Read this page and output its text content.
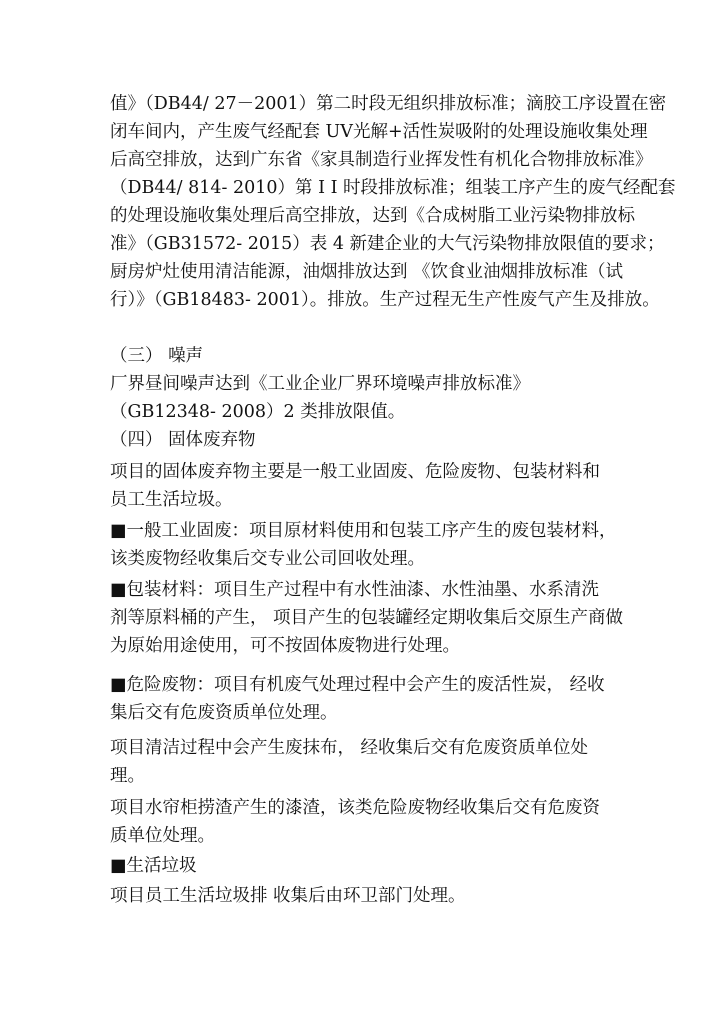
值》（DB44/ 27－2001）第二时段无组织排放标准；滴胶工序设置在密
闭车间内，产生废气经配套 UV光解+活性炭吸附的处理设施收集处理
后高空排放，达到广东省《家具制造行业挥发性有机化合物排放标准》
（DB44/ 814- 2010）第 I I 时段排放标准；组装工序产生的废气经配套
的处理设施收集处理后高空排放，达到《合成树脂工业污染物排放标
准》（GB31572- 2015）表 4 新建企业的大气污染物排放限值的要求；
厨房炉灶使用清洁能源，油烟排放达到 《饮食业油烟排放标准（试
行）》（GB18483- 2001）。排放。生产过程无生产性废气产生及排放。
（三） 噪声
厂界昼间噪声达到《工业企业厂界环境噪声排放标准》
（GB12348- 2008）2 类排放限值。
（四） 固体废弃物
项目的固体废弃物主要是一般工业固废、危险废物、包装材料和
员工生活垃圾。
■一般工业固废：项目原材料使用和包装工序产生的废包装材料，
该类废物经收集后交专业公司回收处理。
■包装材料：项目生产过程中有水性油漆、水性油墨、水系清洗
剂等原料桶的产生， 项目产生的包装罐经定期收集后交原生产商做
为原始用途使用，可不按固体废物进行处理。
■危险废物：项目有机废气处理过程中会产生的废活性炭， 经收
集后交有危废资质单位处理。
项目清洁过程中会产生废抹布， 经收集后交有危废资质单位处
理。
项目水帘柜捞渣产生的漆渣，该类危险废物经收集后交有危废资
质单位处理。
■生活垃圾
项目员工生活垃圾排 收集后由环卫部门处理。
